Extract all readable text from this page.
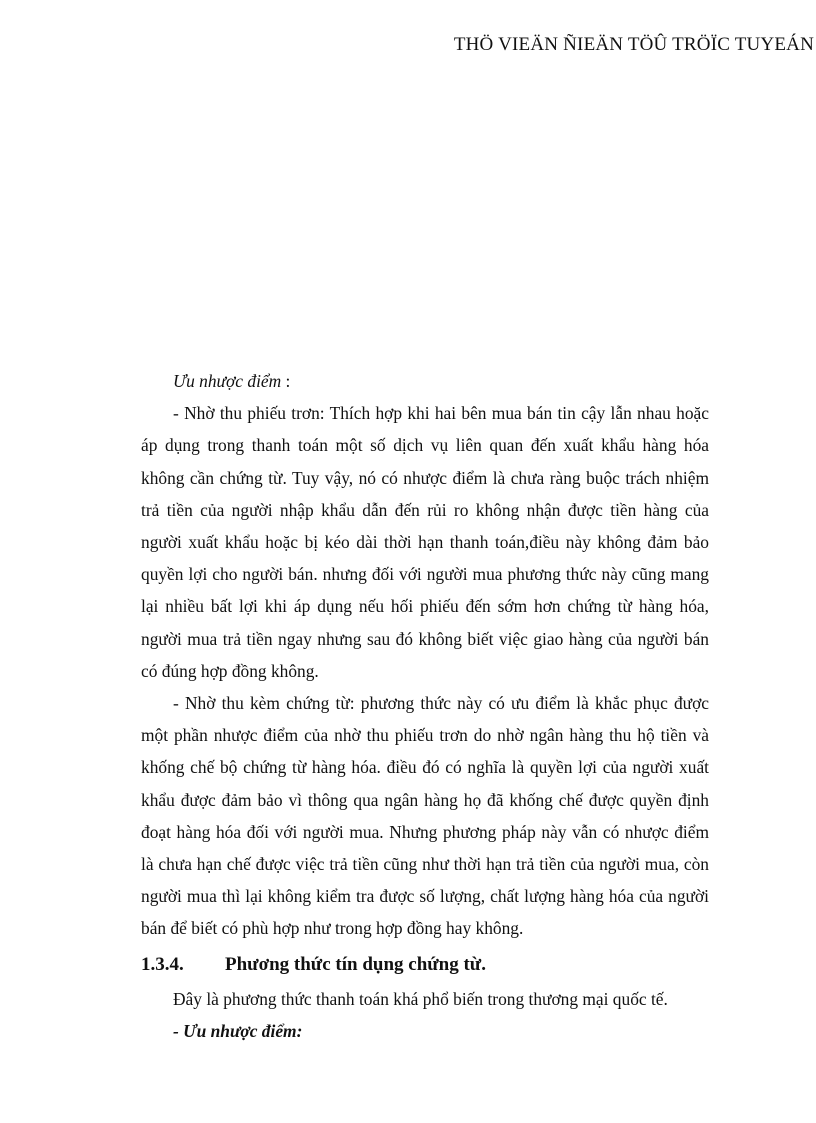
THÖ VIEÄN ÑIEÄN TÖÛ TRÖÏC TUYEÁN
Ưu nhược điểm :
- Nhờ thu phiếu trơn: Thích hợp khi hai bên mua bán tin cậy lẫn nhau hoặc
áp dụng trong thanh toán một số dịch vụ liên quan đến xuất khẩu hàng hóa
không cần chứng từ. Tuy vậy, nó có nhược điểm là chưa ràng buộc trách nhiệm
trả tiền của người nhập khẩu dẫn đến rủi ro không nhận được tiền hàng của
người xuất khẩu hoặc bị kéo dài thời hạn thanh toán,điều này không đảm bảo
quyền lợi cho người bán. nhưng đối với người mua phương thức này cũng mang
lại nhiều bất lợi khi áp dụng nếu hối phiếu đến sớm hơn chứng từ hàng hóa,
người mua trả tiền ngay nhưng sau đó không biết việc giao hàng của người bán
có đúng hợp đồng không.
- Nhờ thu kèm chứng từ: phương thức này có ưu điểm là khắc phục được
một phần nhược điểm của nhờ thu phiếu trơn do nhờ ngân hàng thu hộ tiền và
khống chế bộ chứng từ hàng hóa. điều đó có nghĩa là quyền lợi của người xuất
khẩu được đảm bảo vì thông qua ngân hàng họ đã khống chế được quyền định
đoạt hàng hóa đối với người mua. Nhưng phương pháp này vẫn có nhược điểm
là chưa hạn chế được việc trả tiền cũng như thời hạn trả tiền của người mua, còn
người mua thì lại không kiểm tra được số lượng, chất lượng hàng hóa của người
bán để biết có phù hợp như trong hợp đồng hay không.
1.3.4.	Phương thức tín dụng chứng từ.
Đây là phương thức thanh toán khá phổ biến trong thương mại quốc tế.
- Ưu nhược điểm:
